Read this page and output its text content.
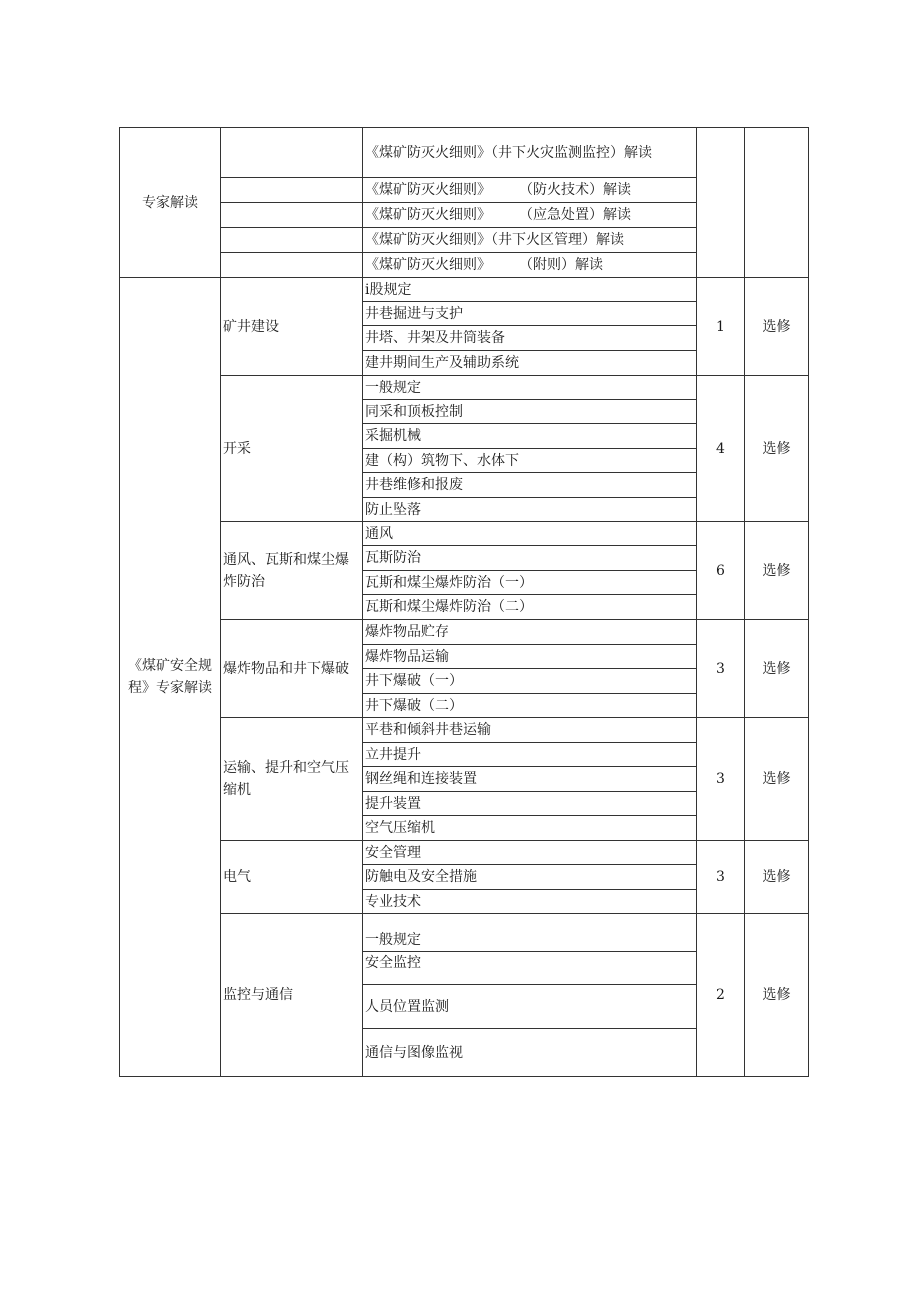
专家解读		《煤矿防灭火细则》（井下火灾监测监控）解读		
		《煤矿防灭火细则》　　　（防火技术）解读		
		《煤矿防灭火细则》　　　（应急处置）解读		
		《煤矿防灭火细则》（井下火区管理）解读		
		《煤矿防灭火细则》　　　（附则）解读		
《煤矿安全规程》专家解读	矿井建设	i股规定	1	选修
		井巷掘进与支护		
		井塔、井架及井筒装备		
		建井期间生产及辅助系统		
	开采	一般规定	4	选修
		同采和顶板控制		
		采掘机械		
		建（构）筑物下、水体下		
		井巷维修和报废		
		防止坠落		
	通风、瓦斯和煤尘爆炸防治	通风	6	选修
		瓦斯防治		
		瓦斯和煤尘爆炸防治（一）		
		瓦斯和煤尘爆炸防治（二）		
	爆炸物品和井下爆破	爆炸物品贮存	3	选修
		爆炸物品运输		
		井下爆破（一）		
		井下爆破（二）		
	运输、提升和空气压缩机	平巷和倾斜井巷运输	3	选修
		立井提升		
		钢丝绳和连接装置		
		提升装置		
		空气压缩机		
	电气	安全管理	3	选修
		防触电及安全措施		
		专业技术		
	监控与通信	一般规定	2	选修
		安全监控		
		人员位置监测		
		通信与图像监视		
